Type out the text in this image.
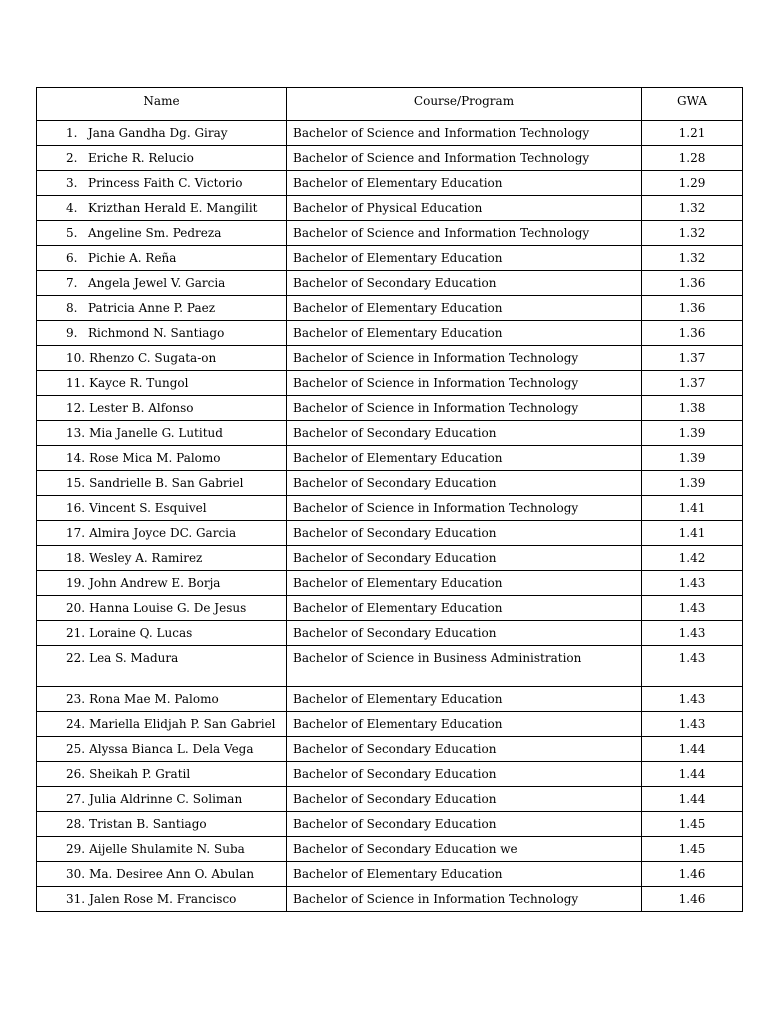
Name	Course/Program	GWA
1. Jana Gandha Dg. Giray	Bachelor of Science and Information Technology	1.21
2. Eriche R. Relucio	Bachelor of Science and Information Technology	1.28
3. Princess Faith C. Victorio	Bachelor of Elementary Education	1.29
4. Krizthan Herald E. Mangilit	Bachelor of Physical Education	1.32
5. Angeline Sm. Pedreza	Bachelor of Science and Information Technology	1.32
6. Pichie A. Reña	Bachelor of Elementary Education	1.32
7. Angela Jewel V. Garcia	Bachelor of Secondary Education	1.36
8. Patricia Anne P. Paez	Bachelor of Elementary Education	1.36
9. Richmond N. Santiago	Bachelor of Elementary Education	1.36
10. Rhenzo C. Sugata-on	Bachelor of Science in Information Technology	1.37
11. Kayce R. Tungol	Bachelor of Science in Information Technology	1.37
12. Lester B. Alfonso	Bachelor of Science in Information Technology	1.38
13. Mia Janelle G. Lutitud	Bachelor of Secondary Education	1.39
14. Rose Mica M. Palomo	Bachelor of Elementary Education	1.39
15. Sandrielle B. San Gabriel	Bachelor of Secondary Education	1.39
16. Vincent S. Esquivel	Bachelor of Science in Information Technology	1.41
17. Almira Joyce DC. Garcia	Bachelor of Secondary Education	1.41
18. Wesley A. Ramirez	Bachelor of Secondary Education	1.42
19. John Andrew E. Borja	Bachelor of Elementary Education	1.43
20. Hanna Louise G. De Jesus	Bachelor of Elementary Education	1.43
21. Loraine Q. Lucas	Bachelor of Secondary Education	1.43
22. Lea S. Madura	Bachelor of Science in Business Administration	1.43
23. Rona Mae M. Palomo	Bachelor of Elementary Education	1.43
24. Mariella Elidjah P. San Gabriel	Bachelor of Elementary Education	1.43
25. Alyssa Bianca L. Dela Vega	Bachelor of Secondary Education	1.44
26. Sheikah P. Gratil	Bachelor of Secondary Education	1.44
27. Julia Aldrinne C. Soliman	Bachelor of Secondary Education	1.44
28. Tristan B. Santiago	Bachelor of Secondary Education	1.45
29. Aijelle Shulamite N. Suba	Bachelor of Secondary Education we	1.45
30. Ma. Desiree Ann O. Abulan	Bachelor of Elementary Education	1.46
31. Jalen Rose M. Francisco	Bachelor of Science in Information Technology	1.46
